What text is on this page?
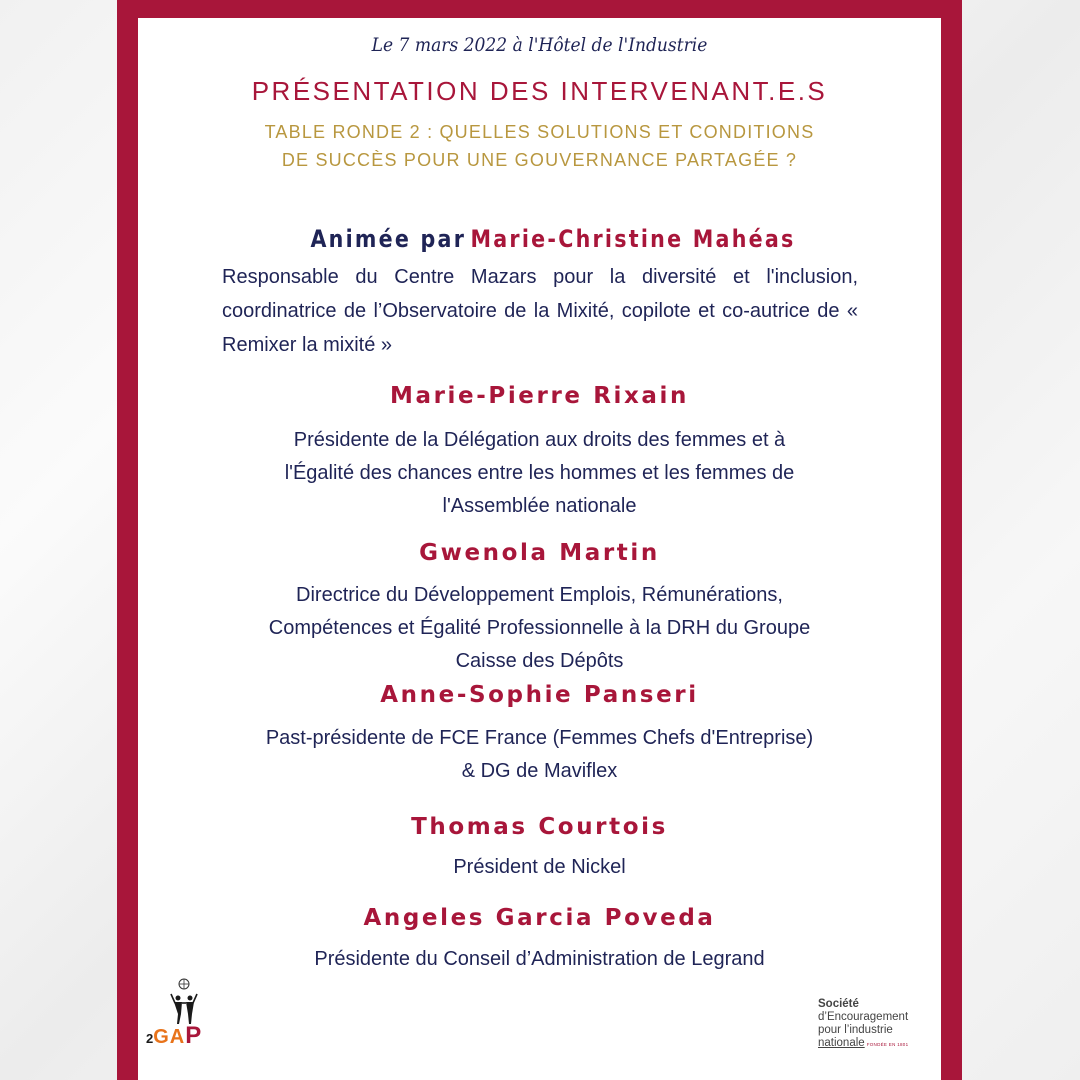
Le 7 mars 2022 à l'Hôtel de l'Industrie
PRÉSENTATION DES INTERVENANT.E.S
TABLE RONDE 2 : QUELLES SOLUTIONS ET CONDITIONS
DE SUCCÈS POUR UNE GOUVERNANCE PARTAGÉE ?
Animée par Marie-Christine Mahéas
Responsable du Centre Mazars pour la diversité et l'inclusion, coordinatrice de l’Observatoire de la Mixité, copilote et co-autrice de « Remixer la mixité »
Marie-Pierre Rixain
Présidente de la Délégation aux droits des femmes et à
l'Égalité des chances entre les hommes et les femmes de
l'Assemblée nationale
Gwenola Martin
Directrice du Développement Emplois, Rémunérations,
Compétences et Égalité Professionnelle à la DRH du Groupe
Caisse des Dépôts
Anne-Sophie Panseri
Past-présidente de FCE France (Femmes Chefs d'Entreprise)
& DG de Maviflex
Thomas Courtois
Président de Nickel
Angeles Garcia Poveda
Présidente du Conseil d’Administration de Legrand
2GAP
Société
d’Encouragement
pour l’industrie
nationale FONDÉE EN 1801
